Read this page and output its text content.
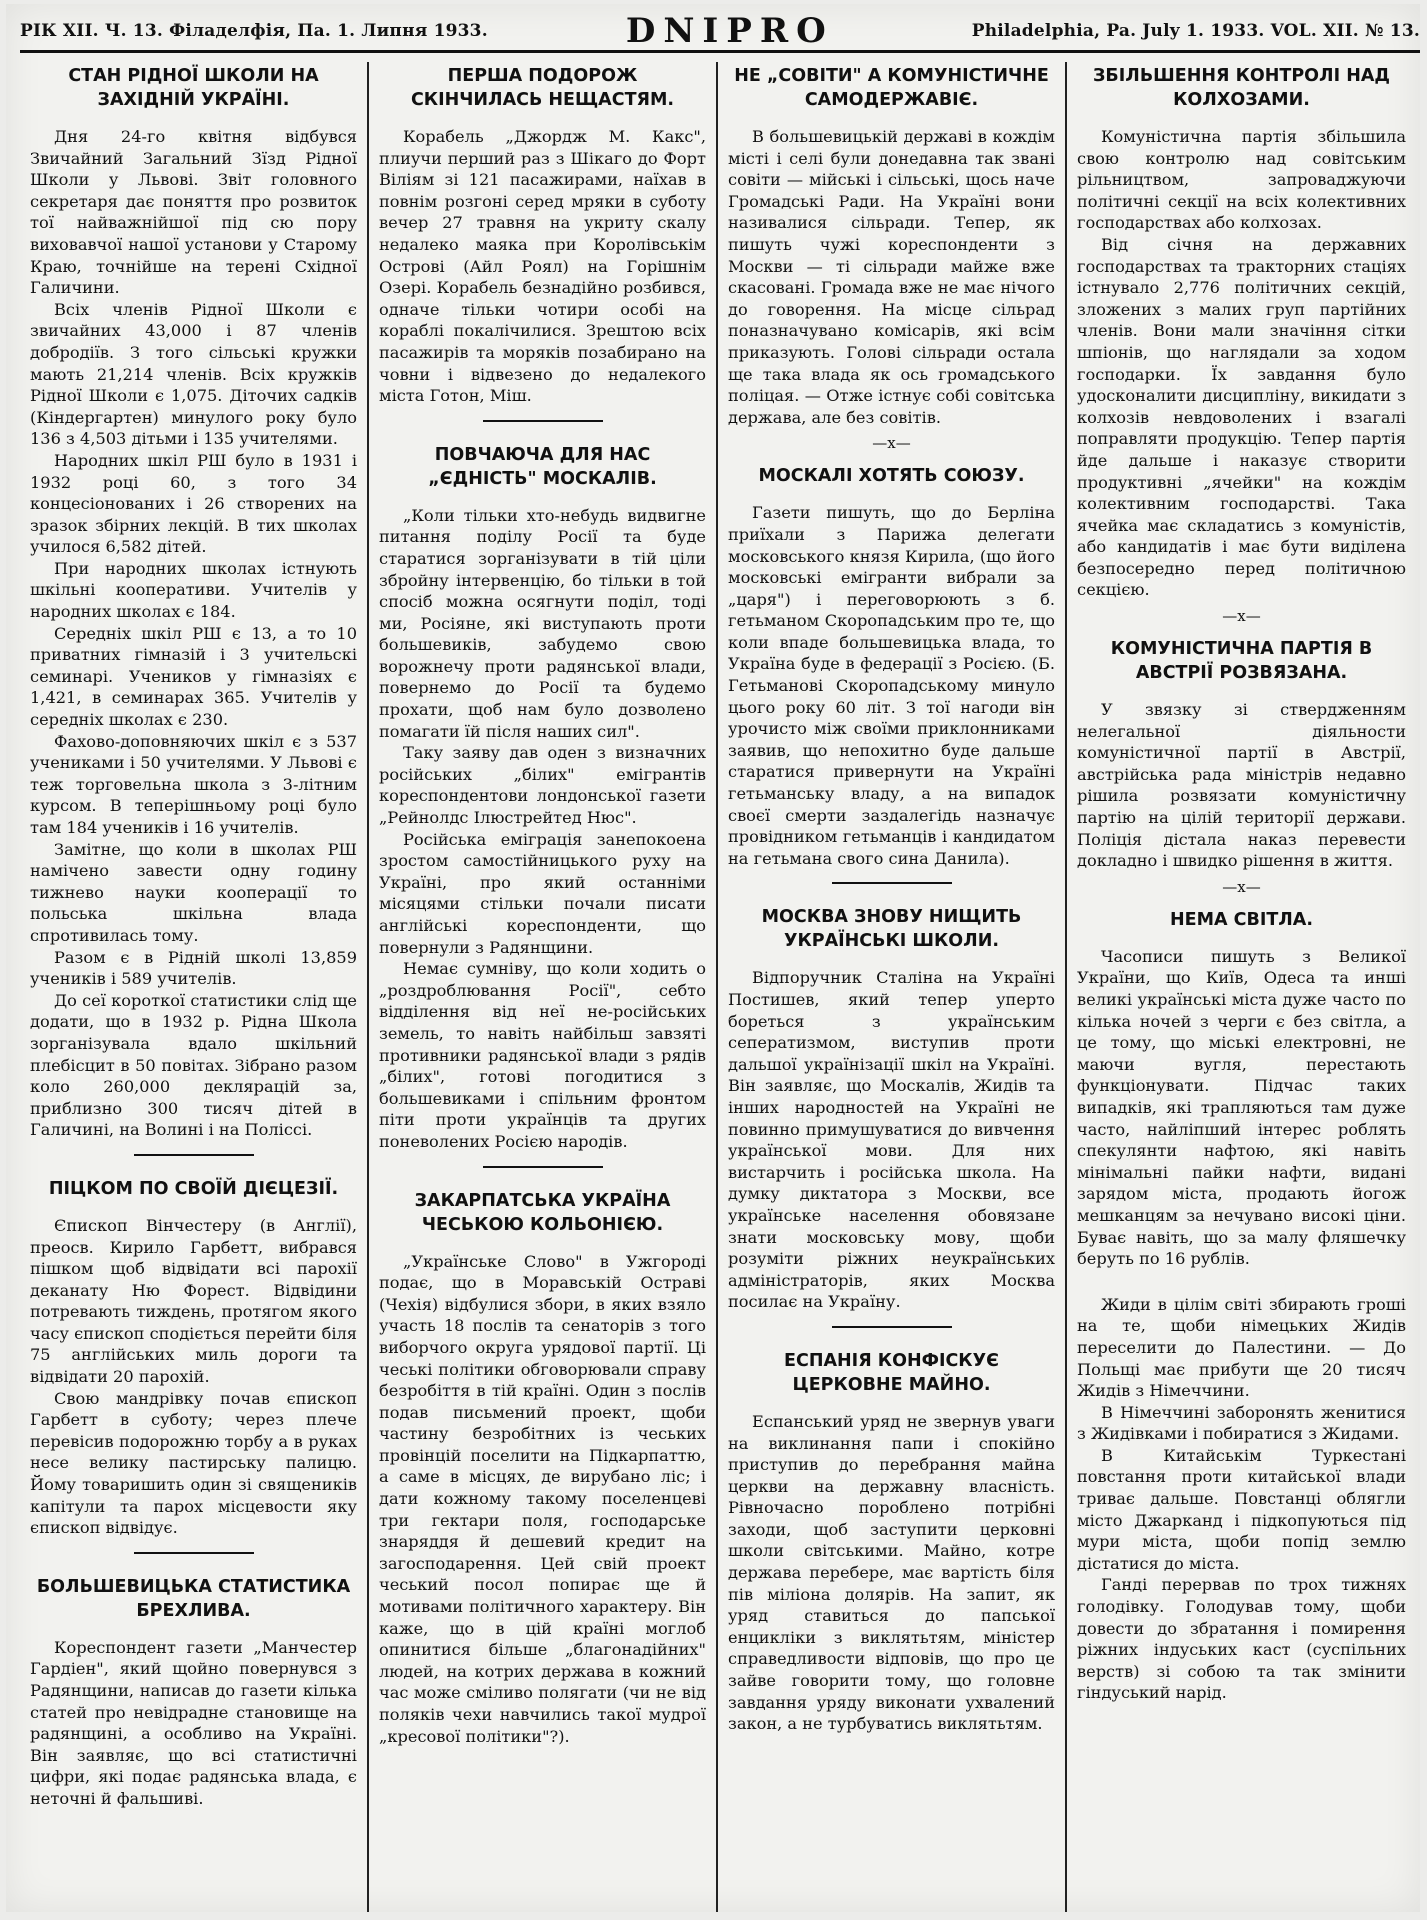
РІК XII. Ч. 13. Філаделфія, Па. 1. Липня 1933.	DNIPRO	Philadelphia, Pa. July 1. 1933. VOL. XII. № 13.
СТАН РІДНОЇ ШКОЛИ НА ЗАХІДНІЙ УКРАЇНІ.

Дня 24-го квітня відбувся Звичайний Загальний Зїзд Рідної Школи у Львові. Звіт головного секретаря дає поняття про розвиток тої найважнійшої під сю пору виховавчої нашої установи у Старому Краю, точнійше на терені Східної Галичини.

Всіх членів Рідної Школи є звичайних 43,000 і 87 членів добродіїв. З того сільські кружки мають 21,214 членів. Всіх кружків Рідної Школи є 1,075. Діточих садків (Кіндергартен) минулого року було 136 з 4,503 дітьми і 135 учителями.

Народних шкіл РШ було в 1931 і 1932 році 60, з того 34 концесіонованих і 26 створених на зразок збірних лекцій. В тих школах училося 6,582 дітей.

При народних школах істнують шкільні кооперативи. Учителів у народних школах є 184.

Середніх шкіл РШ є 13, а то 10 приватних гімназій і 3 учительскі семинарі. Учеников у гімназіях є 1,421, в семинарах 365. Учителів у середніх школах є 230.

Фахово-доповняючих шкіл є з 537 учениками і 50 учителями. У Львові є теж торговельна школа з 3-літним курсом. В теперішньому році було там 184 учеників і 16 учителів.

Замітне, що коли в школах РШ намічено завести одну годину тижнево науки кооперації то польська шкільна влада спротивилась тому.

Разом є в Рідній школі 13,859 учеників і 589 учителів.

До сеї короткої статистики слід ще додати, що в 1932 р. Рідна Школа зорганізувала вдало шкільний плебісцит в 50 повітах. Зібрано разом коло 260,000 деклярацій за, приблизно 300 тисяч дітей в Галичині, на Волині і на Поліссі.

ПІЦКОМ ПО СВОЇЙ ДІЄЦЕЗІЇ.

Єпископ Вінчестеру (в Англії), преосв. Кирило Гарбетт, вибрався пішком щоб відвідати всі парохії деканату Ню Форест. Відвідини потревають тиждень, протягом якого часу єпископ сподіється перейти біля 75 англійських миль дороги та відвідати 20 парохій.

Свою мандрівку почав єпископ Гарбетт в суботу; через плече перевісив подорожню торбу а в руках несе велику пастирську палицю. Йому товаришить один зі священиків капітули та парох місцевости яку єпископ відвідує.

БОЛЬШЕВИЦЬКА СТАТИСТИКА БРЕХЛИВА.

Кореспондент газети „Манчестер Гардіен", який щойно повернувся з Радянщини, написав до газети кілька статей про невідрадне становище на радянщині, а особливо на Україні. Він заявляє, що всі статистичні цифри, які подає радянська влада, є неточні й фальшиві.

ПЕРША ПОДОРОЖ СКІНЧИЛАСЬ НЕЩАСТЯМ.

Корабель „Джордж М. Какс", плиучи перший раз з Шікаго до Форт Віліям зі 121 пасажирами, наїхав в повнім розгоні серед мряки в суботу вечер 27 травня на укриту скалу недалеко маяка при Королівськім Острові (Айл Роял) на Горішнім Озері. Корабель безнадійно розбився, одначе тільки чотири особі на кораблі покалічилися. Зрештою всіх пасажирів та моряків позабирано на човни і відвезено до недалекого міста Готон, Міш.

ПОВЧАЮЧА ДЛЯ НАС „ЄДНІСТЬ" МОСКАЛІВ.

„Коли тільки хто-небудь видвигне питання поділу Росії та буде старатися зорганізувати в тій ціли збройну інтервенцію, бо тільки в той спосіб можна осягнути поділ, тоді ми, Росіяне, які виступають проти большевиків, забудемо свою ворожнечу проти радянської влади, повернемо до Росії та будемо прохати, щоб нам було дозволено помагати їй після наших сил".

Таку заяву дав оден з визначних російських „білих" емігрантів кореспондентови лондонської газети „Рейнолдс Ілюстрейтед Нюс".

Російська еміграція занепокоена зростом самостійницького руху на Україні, про який останніми місяцями стільки почали писати англійські кореспонденти, що повернули з Радянщини.

Немає сумніву, що коли ходить о „роздроблювання Росії", себто відділення від неї не-російських земель, то навіть найбільш завзяті противники радянської влади з рядів „білих", готові погодитися з большевиками і спільним фронтом піти проти українців та других поневолених Росією народів.

ЗАКАРПАТСЬКА УКРАЇНА ЧЕСЬКОЮ КОЛЬОНІЄЮ.

„Українське Слово" в Ужгороді подає, що в Моравській Остраві (Чехія) відбулися збори, в яких взяло участь 18 послів та сенаторів з того виборчого округа урядової партії. Ці чеські політики обговорювали справу безробіття в тій країні. Один з послів подав письмений проект, щоби частину безробітних із чеських провінцій поселити на Підкарпаттю, а саме в місцях, де вирубано ліс; і дати кожному такому поселенцеві три гектари поля, господарське знаряддя й дешевий кредит на загосподарення. Цей свій проект чеський посол попирає ще й мотивами політичного характеру. Він каже, що в цій країні моглоб опинитися більше „благонадійних" людей, на котрих держава в кожний час може сміливо полягати (чи не від поляків чехи навчились такої мудрої „кресової політики"?).

НЕ „СОВІТИ" А КОМУНІСТИЧНЕ САМОДЕРЖАВІЄ.

В большевицькій державі в кождім місті і селі були донедавна так звані совіти — мійські і сільські, щось наче Громадські Ради. На Україні вони називалися сільради. Тепер, як пишуть чужі кореспонденти з Москви — ті сільради майже вже скасовані. Громада вже не має нічого до говорення. На місце сільрад поназначувано комісарів, які всім приказують. Голові сільради остала ще така влада як ось громадського поліцая. — Отже істнує собі совітська держава, але без совітів.

—x—
МОСКАЛІ ХОТЯТЬ СОЮЗУ.

Газети пишуть, що до Берліна приїхали з Парижа делегати московського князя Кирила, (що його московські емігранти вибрали за „царя") і переговорюють з б. гетьманом Скоропадським про те, що коли впаде большевицька влада, то Україна буде в федерації з Росією. (Б. Гетьманові Скоропадському минуло цього року 60 літ. З тої нагоди він урочисто між своїми приклонниками заявив, що непохитно буде дальше старатися привернути на Україні гетьманську владу, а на випадок своєї смерти заздалегідь назначує провідником гетьманців і кандидатом на гетьмана свого сина Данила).

МОСКВА ЗНОВУ НИЩИТЬ УКРАЇНСЬКІ ШКОЛИ.

Відпоручник Сталіна на Україні Постишев, який тепер уперто бореться з українським сеператизмом, виступив проти дальшої українізації шкіл на Україні. Він заявляє, що Москалів, Жидів та інших народностей на Україні не повинно примушуватися до вивчення української мови. Для них вистарчить і російська школа. На думку диктатора з Москви, все українське населення обовязане знати московську мову, щоби розуміти ріжних неукраїнських адміністраторів, яких Москва посилає на Україну.

ЕСПАНІЯ КОНФІСКУЄ ЦЕРКОВНЕ МАЙНО.

Еспанський уряд не звернув уваги на виклинання папи і спокійно приступив до перебрання майна церкви на державну власність. Рівночасно пороблено потрібні заходи, щоб заступити церковні школи світськими. Майно, котре держава перебере, має вартість біля пів міліона долярів. На запит, як уряд ставиться до папської енцикліки з виклятьтям, міністер справедливости відповів, що про це зайве говорити тому, що головне завдання уряду виконати ухвалений закон, а не турбуватись виклятьтям.

ЗБІЛЬШЕННЯ КОНТРОЛІ НАД КОЛХОЗАМИ.

Комуністична партія збільшила свою контролю над совітським рільництвом, запроваджуючи політичні секції на всіх колективних господарствах або колхозах.

Від січня на державних господарствах та тракторних стаціях істнувало 2,776 політичних секцій, зложених з малих груп партійних членів. Вони мали значіння сітки шпіонів, що наглядали за ходом господарки. Їх завдання було удосконалити дисципліну, викидати з колхозів невдоволених і взагалі поправляти продукцію. Тепер партія йде дальше і наказує створити продуктивні „ячейки" на кождім колективним господарстві. Така ячейка має складатись з комуністів, або кандидатів і має бути виділена безпосередно перед політичною секцією.

—x—
КОМУНІСТИЧНА ПАРТІЯ В АВСТРІЇ РОЗВЯЗАНА.

У звязку зі ствердженням нелегальної діяльности комуністичної партії в Австрії, австрійська рада міністрів недавно рішила розвязати комуністичну партію на цілій території держави. Поліція дістала наказ перевести докладно і швидко рішення в життя.

—x—
НЕМА СВІТЛА.

Часописи пишуть з Великої України, що Київ, Одеса та инші великі українські міста дуже часто по кілька ночей з черги є без світла, а це тому, що міські електровні, не маючи вугля, перестають функціонувати. Підчас таких випадків, які трапляються там дуже часто, найліпший інтерес роблять спекулянти нафтою, які навіть мінімальні пайки нафти, видані зарядом міста, продають йогож мешканцям за нечувано високі ціни. Буває навіть, що за малу фляшечку беруть по 16 рублів.

Жиди в цілім світі збирають гроші на те, щоби німецьких Жидів переселити до Палестини. — До Польщі має прибути ще 20 тисяч Жидів з Німеччини.

В Німеччині заборонять женитися з Жидівками і побиратися з Жидами.

В Китайськім Туркестані повстання проти китайської влади триває дальше. Повстанці облягли місто Джарканд і підкопуються під мури міста, щоби попід землю дістатися до міста.

Ганді перервав по трох тижнях голодівку. Голодував тому, щоби довести до збратання і помирення ріжних індуських каст (суспільних верств) зі собою та так змінити гіндуський нарід.
